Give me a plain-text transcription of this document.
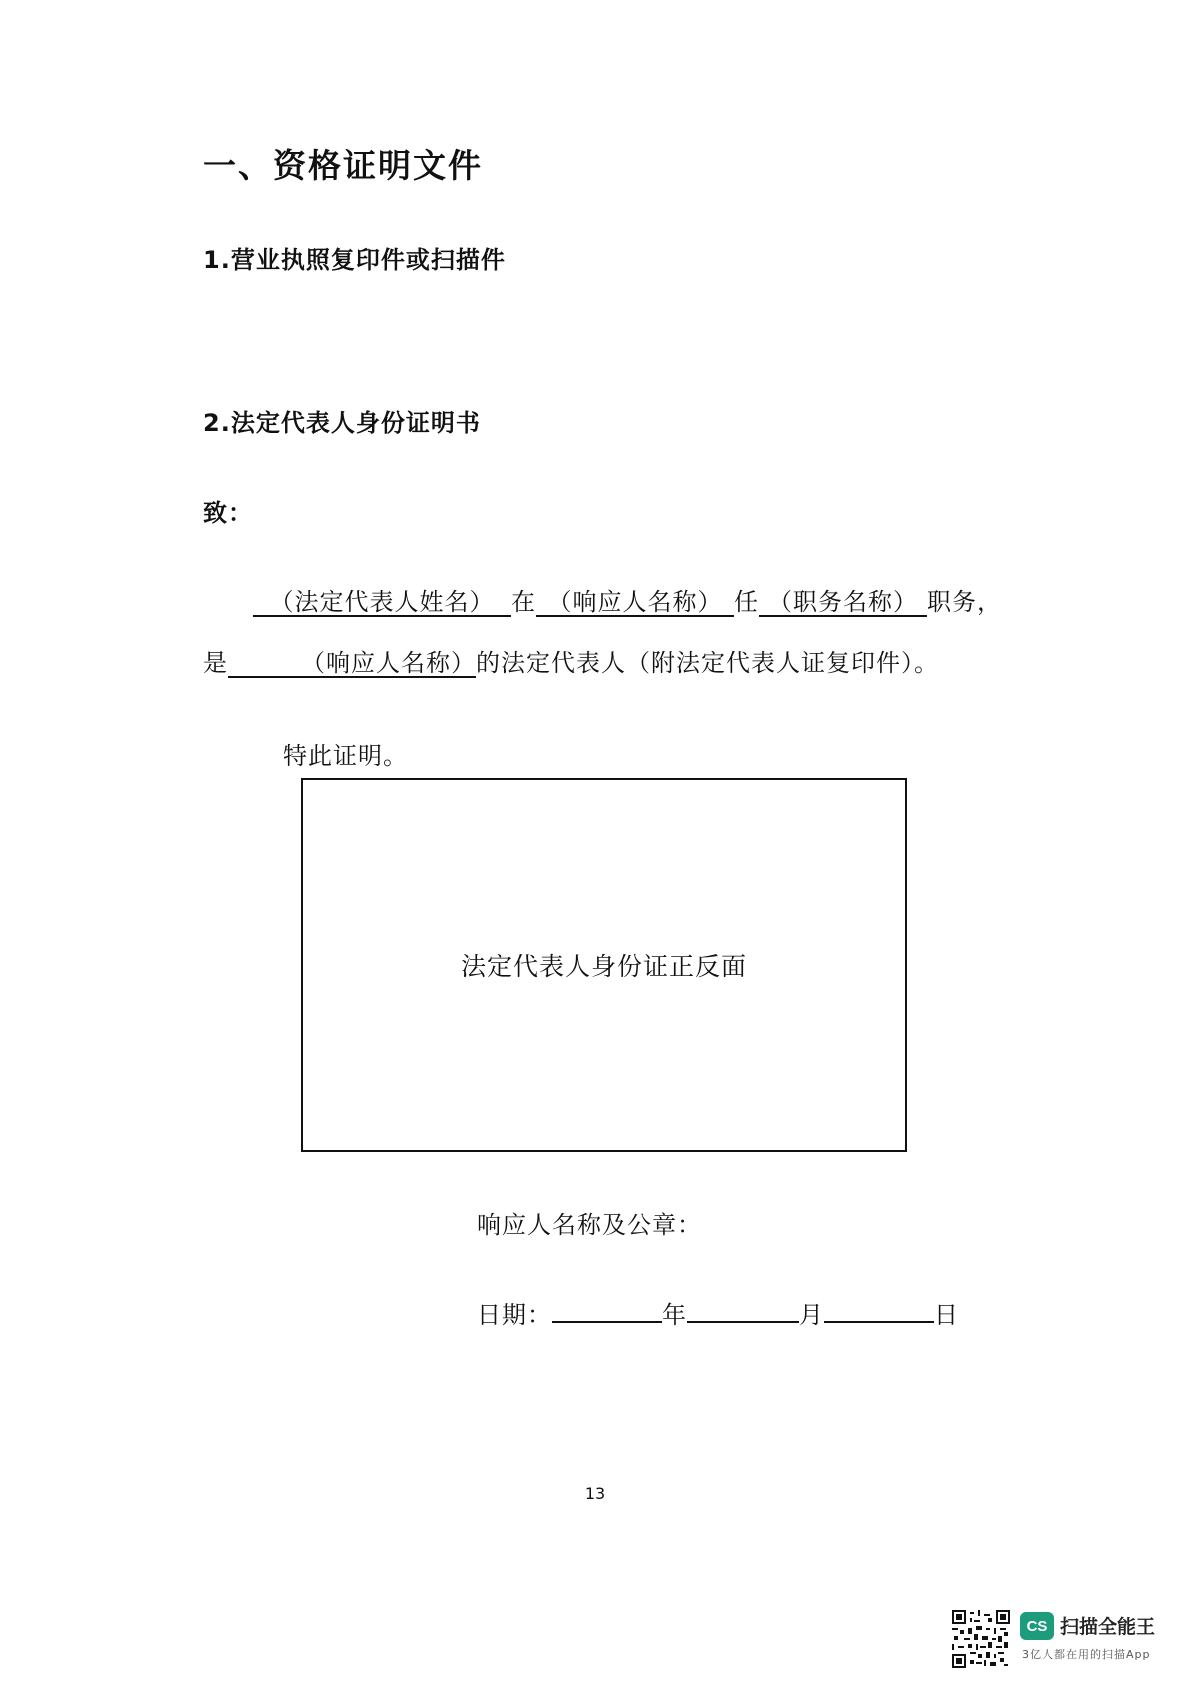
一、资格证明文件
1.营业执照复印件或扫描件
2.法定代表人身份证明书
致：
（法定代表人姓名） 在 （响应人名称） 任 （职务名称） 职务，
是	（响应人名称）的法定代表人（附法定代表人证复印件）。
特此证明。
法定代表人身份证正反面
响应人名称及公章：
日期：	年	月	日
13
CS 扫描全能王
3亿人都在用的扫描App
